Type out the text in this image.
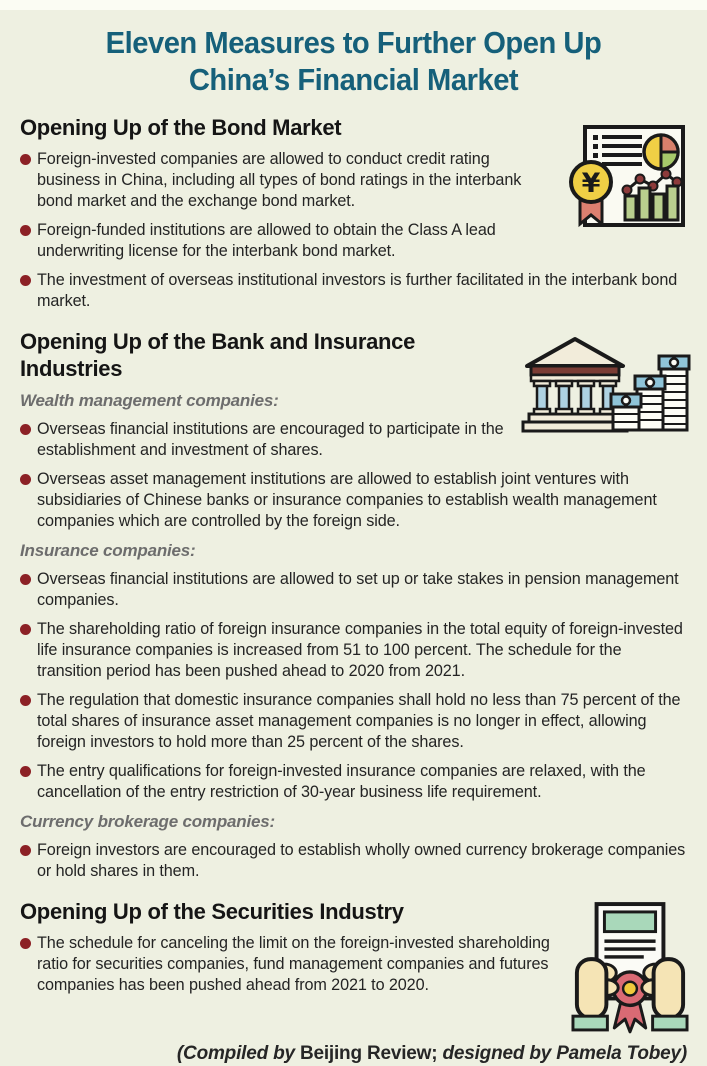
Eleven Measures to Further Open Up
China’s Financial Market
¥
Opening Up of the Bond Market
Foreign-invested companies are allowed to conduct credit rating business in China, including all types of bond ratings in the interbank bond market and the exchange bond market.
Foreign-funded institutions are allowed to obtain the Class A lead underwriting license for the interbank bond market.
The investment of overseas institutional investors is further facilitated in the interbank bond market.
Opening Up of the Bank and Insurance Industries
Wealth management companies:
Overseas financial institutions are encouraged to participate in the establishment and investment of shares.
Overseas asset management institutions are allowed to establish joint ventures with subsidiaries of Chinese banks or insurance companies to establish wealth management companies which are controlled by the foreign side.
Insurance companies:
Overseas financial institutions are allowed to set up or take stakes in pension management companies.
The shareholding ratio of foreign insurance companies in the total equity of foreign-invested life insurance companies is increased from 51 to 100 percent. The schedule for the transition period has been pushed ahead to 2020 from 2021.
The regulation that domestic insurance companies shall hold no less than 75 percent of the total shares of insurance asset management companies is no longer in effect, allowing foreign investors to hold more than 25 percent of the shares.
The entry qualifications for foreign-invested insurance companies are relaxed, with the cancellation of the entry restriction of 30-year business life requirement.
Currency brokerage companies:
Foreign investors are encouraged to establish wholly owned currency brokerage companies or hold shares in them.
Opening Up of the Securities Industry
The schedule for canceling the limit on the foreign-invested shareholding ratio for securities companies, fund management companies and futures companies has been pushed ahead from 2021 to 2020.
(Compiled by Beijing Review; designed by Pamela Tobey)
